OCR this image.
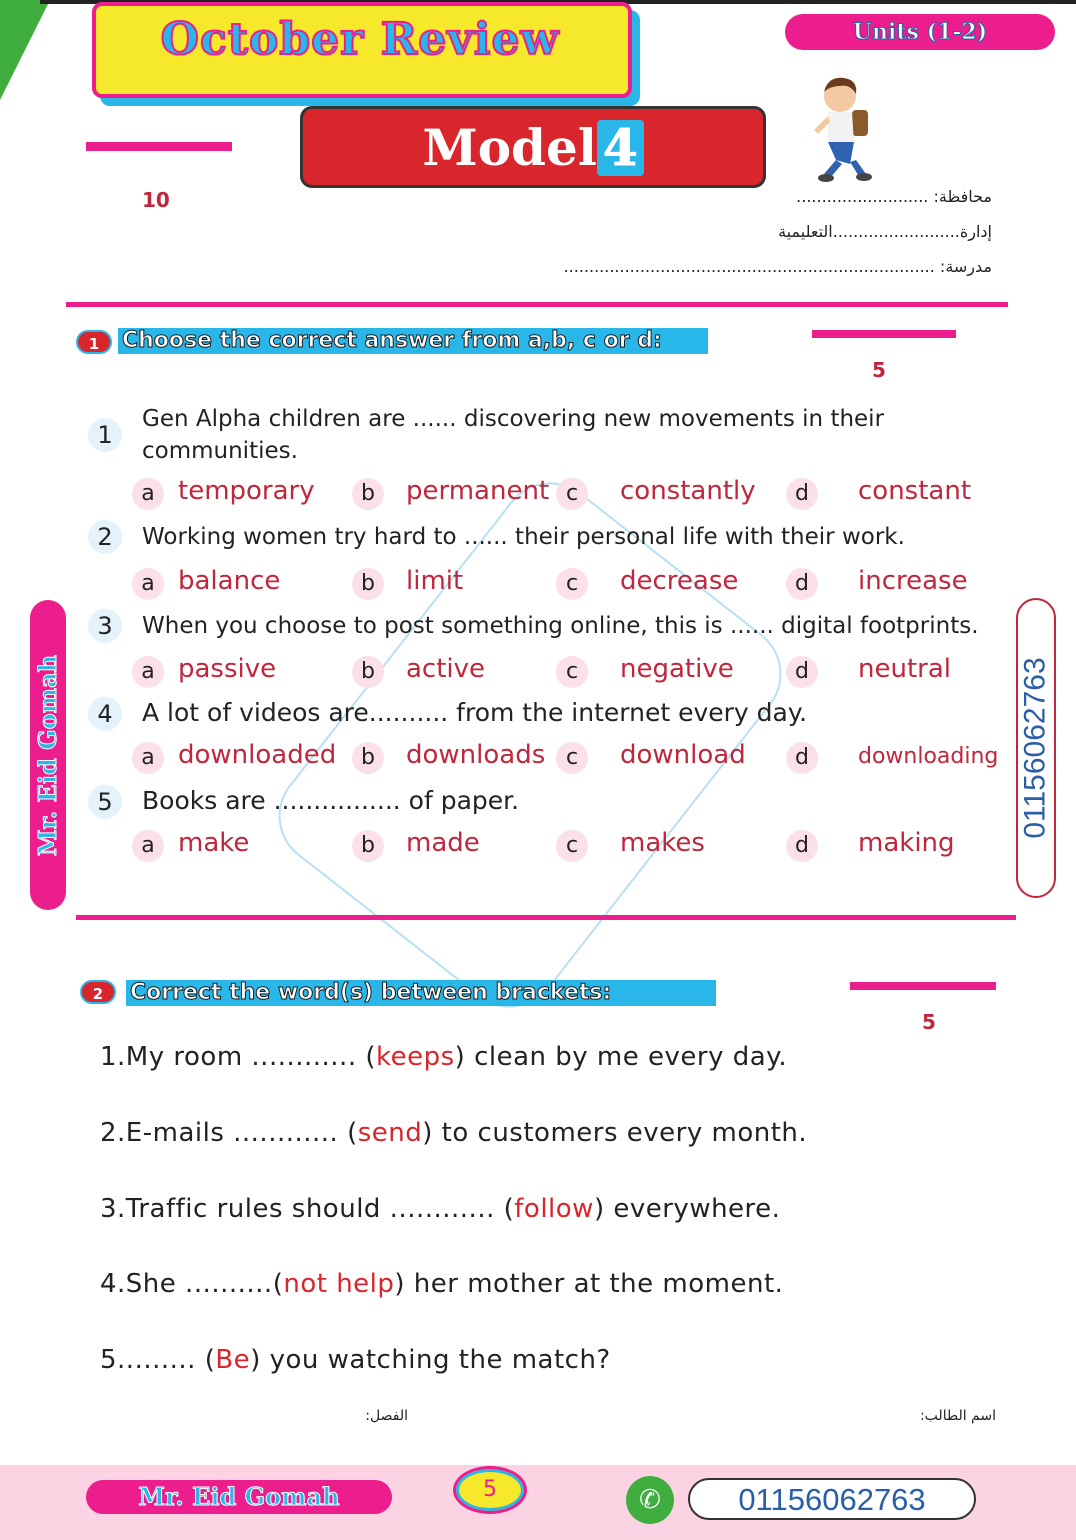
October Review	Units (1-2)
Model 4
10	محافظة: ..........................
إدارة.........................التعليمية
مدرسة: .........................................................................
1	Choose the correct answer from a,b, c or d:
5
1
Gen Alpha children are ...... discovering new movements in their
communities.
a temporary	b	permanent c	constantly	d	constant
2	Working women try hard to ...... their personal life with their work.
a balance	b	limit	c	decrease	d	increase
3	When you choose to post something online, this is ...... digital footprints.
a passive	b	active	c	negative	d	neutral
4	A lot of videos are.......... from the internet every day.
a downloaded	b	downloads c	download	d	downloading
5	Books are ................ of paper.
a make	b	made	c	makes	d	making
Mr. Eid Gomah	01156062763
2	Correct the word(s) between brackets:
5
1.My room ............ (keeps) clean by me every day.
2.E-mails ............ (send) to customers every month.
3.Traffic rules should ............ (follow) everywhere.
4.She ..........(not help) her mother at the moment.
5......... (Be) you watching the match?
اسم الطالب:
الفصل:
Mr. Eid Gomah	5	✆	01156062763
